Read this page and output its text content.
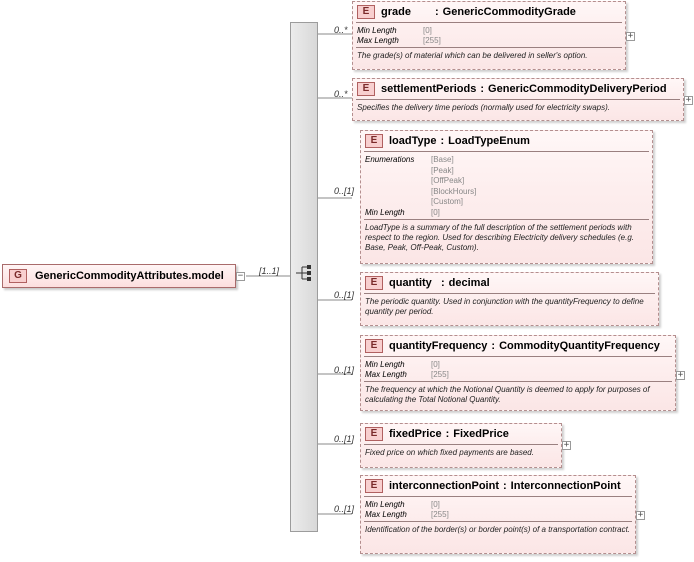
G	GenericCommodityAttributes.model − [1..1]
E	grade	: GenericCommodityGrade
Min Length	[0]
Max Length	[255]
The grade(s) of material which can be delivered in seller's option.
+
0..*
E	settlementPeriods : GenericCommodityDeliveryPeriod
Specifies the delivery time periods (normally used for electricity swaps).
+
0..*
E	loadType : LoadTypeEnum
Enumerations	[Base]
[Peak]
[OffPeak]
[BlockHours]
[Custom]
Min Length	[0]
LoadType is a summary of the full description of the settlement periods with respect to the region. Used for describing Electricity delivery schedules (e.g. Base, Peak, Off-Peak, Custom).
0..[1]
E	quantity : decimal
The periodic quantity. Used in conjunction with the quantityFrequency to define quantity per period.
0..[1]
E	quantityFrequency : CommodityQuantityFrequency
Min Length	[0]
Max Length	[255]
The frequency at which the Notional Quantity is deemed to apply for purposes of calculating the Total Notional Quantity.
+
0..[1]
E	fixedPrice : FixedPrice
Fixed price on which fixed payments are based.
+
0..[1]
E	interconnectionPoint : InterconnectionPoint
Min Length	[0]
Max Length	[255]
Identification of the border(s) or border point(s) of a transportation contract.
+
0..[1]
